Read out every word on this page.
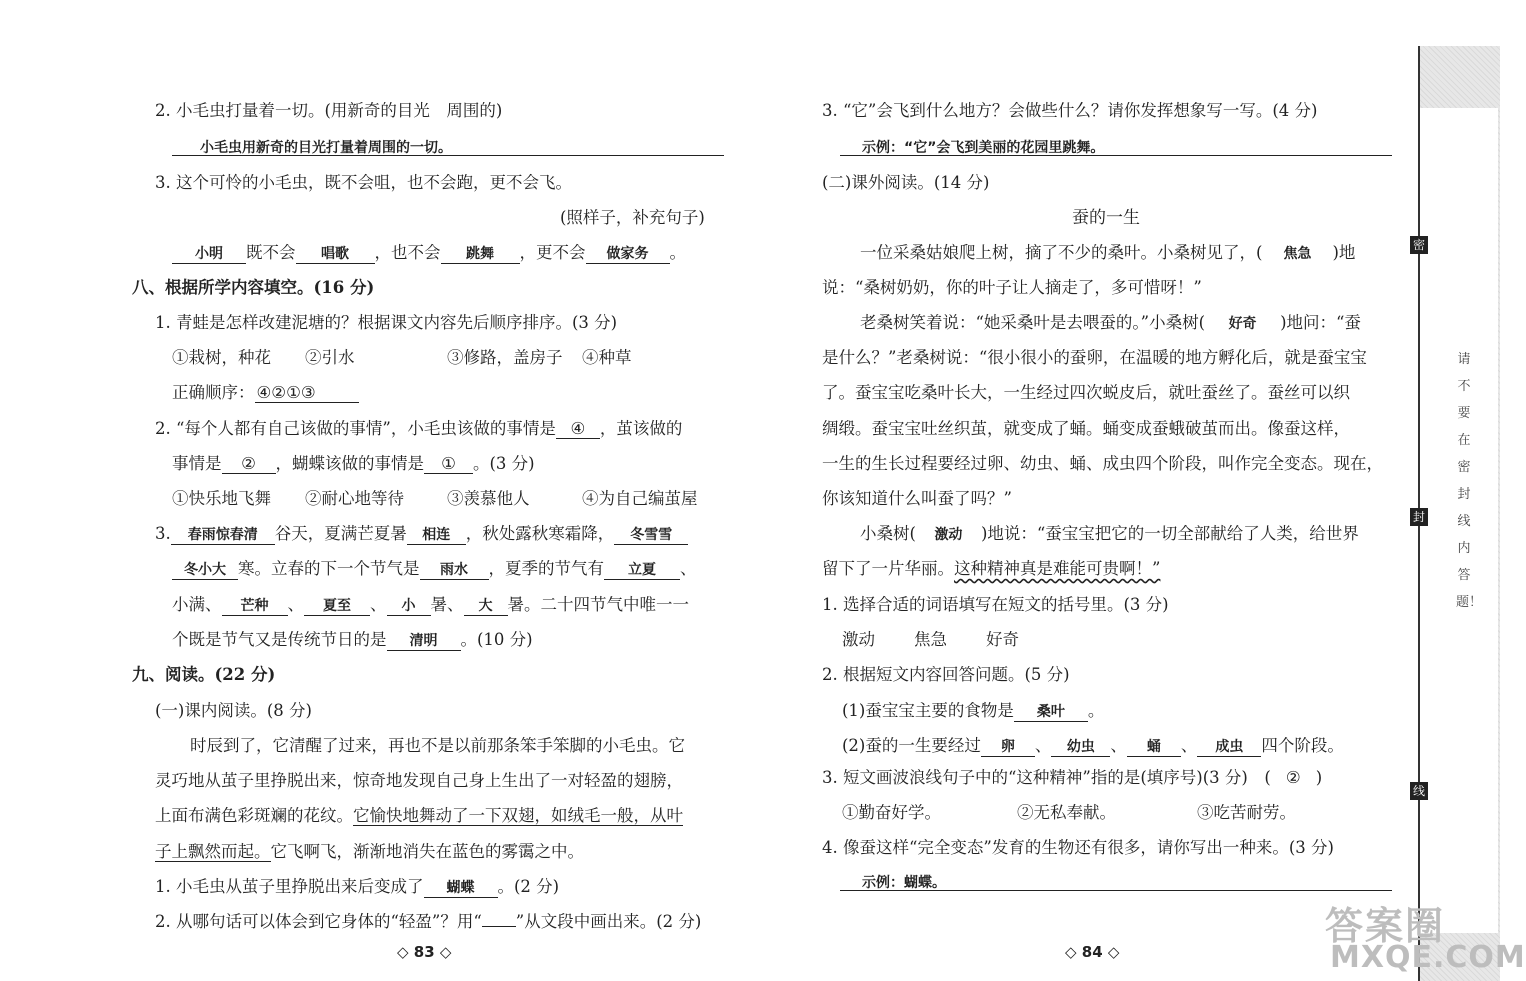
2. 小毛虫打量着一切。(用新奇的目光　周围的)
小毛虫用新奇的目光打量着周围的一切。
3. 这个可怜的小毛虫，既不会咀，也不会跑，更不会飞。
(照样子，补充句子)
小明 既不会 唱歌 ，也不会 跳舞 ，更不会 做家务 。
八、根据所学内容填空。(16 分)
1. 青蛙是怎样改建泥塘的？根据课文内容先后顺序排序。(3 分)
①栽树，种花 ②引水	③修路，盖房子 ④种草
正确顺序： ④②①③
2. “每个人都有自己该做的事情”，小毛虫该做的事情是 ④ ，茧该做的
事情是 ② ，蝴蝶该做的事情是 ① 。(3 分)
①快乐地飞舞 ②耐心地等待	③羡慕他人	④为自己编茧屋
3. 春雨惊春清 谷天，夏满芒夏暑 相连 ，秋处露秋寒霜降， 冬雪雪
冬小大 寒。立春的下一个节气是 雨水 ，夏季的节气有 立夏 、
小满、 芒种 、 夏至 、 小 暑、 大 暑。二十四节气中唯一一
个既是节气又是传统节日的是 清明 。(10 分)
九、阅读。(22 分)
(一)课内阅读。(8 分)
时辰到了，它清醒了过来，再也不是以前那条笨手笨脚的小毛虫。它
灵巧地从茧子里挣脱出来，惊奇地发现自己身上生出了一对轻盈的翅膀，
上面布满色彩斑斓的花纹。它愉快地舞动了一下双翅，如绒毛一般，从叶
子上飘然而起。它飞啊飞，渐渐地消失在蓝色的雾霭之中。
1. 小毛虫从茧子里挣脱出来后变成了 蝴蝶 。(2 分)
2. 从哪句话可以体会到它身体的“轻盈”？用“ ”从文段中画出来。(2 分)
◇ 83 ◇
3. “它”会飞到什么地方？会做些什么？请你发挥想象写一写。(4 分)
示例：“它”会飞到美丽的花园里跳舞。
(二)课外阅读。(14 分)
蚕的一生
一位采桑姑娘爬上树，摘了不少的桑叶。小桑树见了，( 焦急 )地
说：“桑树奶奶，你的叶子让人摘走了，多可惜呀！”
老桑树笑着说：“她采桑叶是去喂蚕的。”小桑树( 好奇 )地问：“蚕
是什么？”老桑树说：“很小很小的蚕卵，在温暖的地方孵化后，就是蚕宝宝
了。蚕宝宝吃桑叶长大，一生经过四次蜕皮后，就吐蚕丝了。蚕丝可以织
绸缎。蚕宝宝吐丝织茧，就变成了蛹。蛹变成蚕蛾破茧而出。像蚕这样，
一生的生长过程要经过卵、幼虫、蛹、成虫四个阶段，叫作完全变态。现在，
你该知道什么叫蚕了吗？”
小桑树( 激动 )地说：“蚕宝宝把它的一切全部献给了人类，给世界
留下了一片华丽。这种精神真是难能可贵啊！”
1. 选择合适的词语填写在短文的括号里。(3 分)
激动 焦急 好奇
2. 根据短文内容回答问题。(5 分)
(1)蚕宝宝主要的食物是 桑叶 。
(2)蚕的一生要经过 卵 、 幼虫 、 蛹 、 成虫 四个阶段。
3. 短文画波浪线句子中的“这种精神”指的是(填序号)(3 分)　( ② )
①勤奋好学。	②无私奉献。	③吃苦耐劳。
4. 像蚕这样“完全变态”发育的生物还有很多，请你写出一种来。(3 分)
示例：蝴蝶。
◇ 84 ◇
密
封
线
请不要在密封线内答题！
答案圈
MXQE.COM
